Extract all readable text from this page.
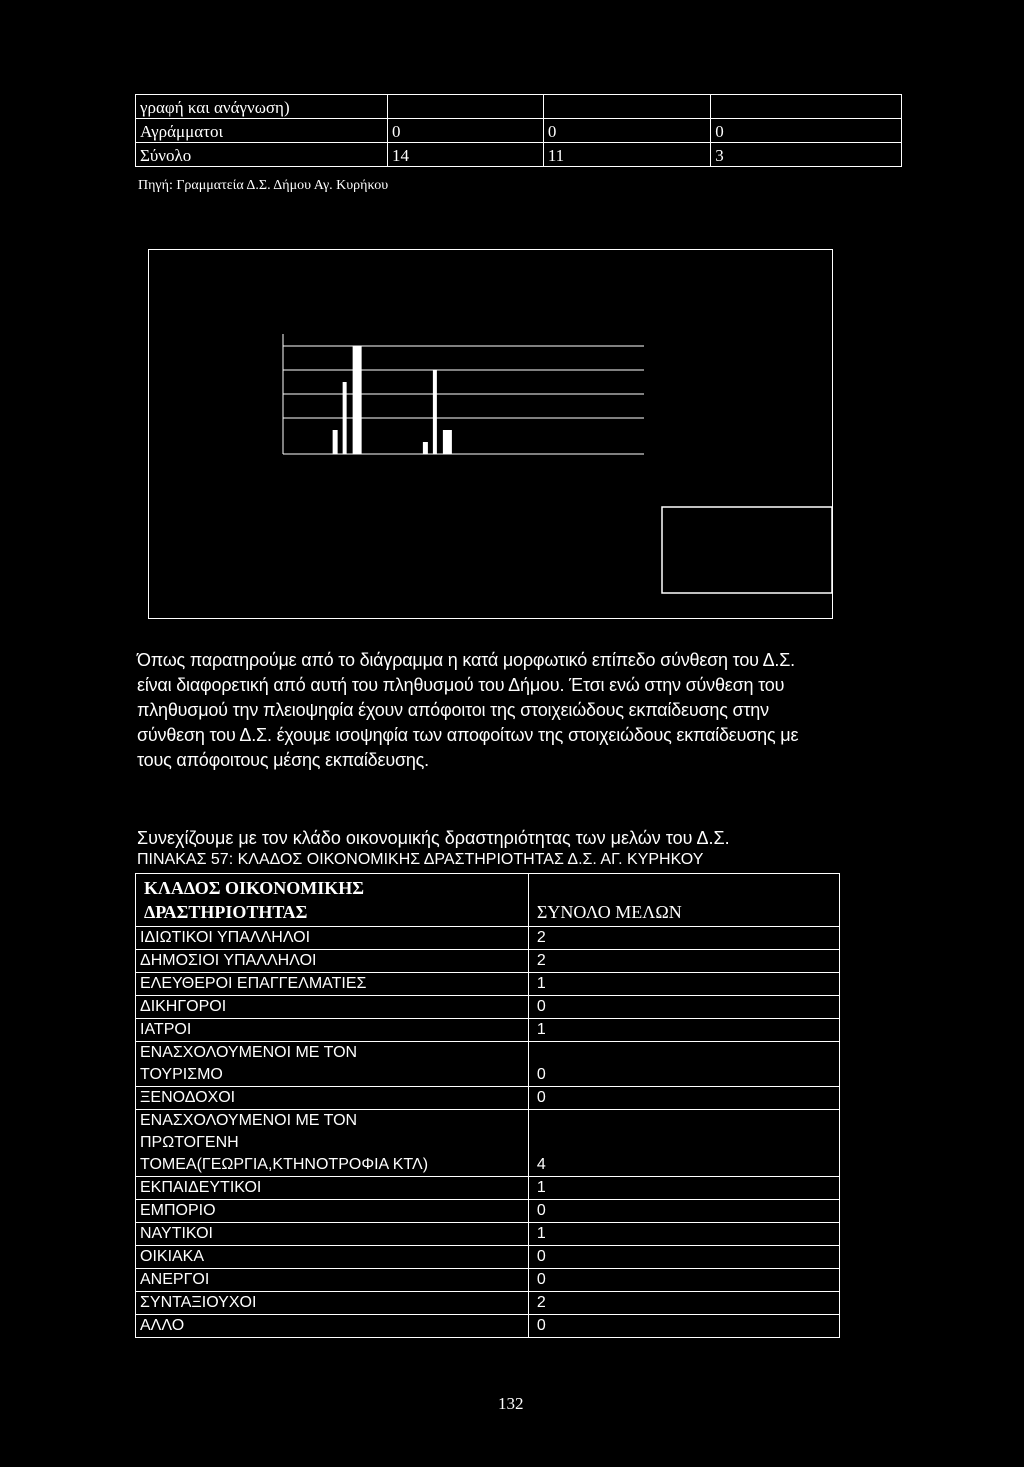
γραφή και ανάγνωση)			
Αγράμματοι	0	0	0
Σύνολο	14	11	3
Πηγή: Γραμματεία Δ.Σ. Δήμου Αγ. Κυρήκου
Όπως παρατηρούμε από το διάγραμμα η κατά μορφωτικό επίπεδο σύνθεση του Δ.Σ.
είναι διαφορετική από αυτή του πληθυσμού του Δήμου. Έτσι ενώ στην σύνθεση του
πληθυσμού την πλειοψηφία έχουν απόφοιτοι της στοιχειώδους εκπαίδευσης στην
σύνθεση του Δ.Σ. έχουμε ισοψηφία των αποφοίτων της στοιχειώδους εκπαίδευσης με
τους απόφοιτους μέσης εκπαίδευσης.
Συνεχίζουμε με τον κλάδο οικονομικής δραστηριότητας των μελών του Δ.Σ.
ΠΙΝΑΚΑΣ 57: ΚΛΑΔΟΣ ΟΙΚΟΝΟΜΙΚΗΣ ΔΡΑΣΤΗΡΙΟΤΗΤΑΣ Δ.Σ. ΑΓ. ΚΥΡΗΚΟΥ
ΚΛΑΔΟΣ ΟΙΚΟΝΟΜΙΚΗΣ
ΔΡΑΣΤΗΡΙΟΤΗΤΑΣ	ΣΥΝΟΛΟ ΜΕΛΩΝ

ΙΔΙΩΤΙΚΟΙ ΥΠΑΛΛΗΛΟΙ	2

ΔΗΜΟΣΙΟΙ ΥΠΑΛΛΗΛΟΙ	2

ΕΛΕΥΘΕΡΟΙ ΕΠΑΓΓΕΛΜΑΤΙΕΣ	1

ΔΙΚΗΓΟΡΟΙ	0

ΙΑΤΡΟΙ	1

ΕΝΑΣΧΟΛΟΥΜΕΝΟΙ ΜΕ ΤΟΝ
ΤΟΥΡΙΣΜΟ	0

ΞΕΝΟΔΟΧΟΙ	0

ΕΝΑΣΧΟΛΟΥΜΕΝΟΙ ΜΕ ΤΟΝ
ΠΡΩΤΟΓΕΝΗ
ΤΟΜΕΑ(ΓΕΩΡΓΙΑ,ΚΤΗΝΟΤΡΟΦΙΑ ΚΤΛ)	4

ΕΚΠΑΙΔΕΥΤΙΚΟΙ	1

ΕΜΠΟΡΙΟ	0

ΝΑΥΤΙΚΟΙ	1

ΟΙΚΙΑΚΑ	0

ΑΝΕΡΓΟΙ	0

ΣΥΝΤΑΞΙΟΥΧΟΙ	2

ΑΛΛΟ	0
132
